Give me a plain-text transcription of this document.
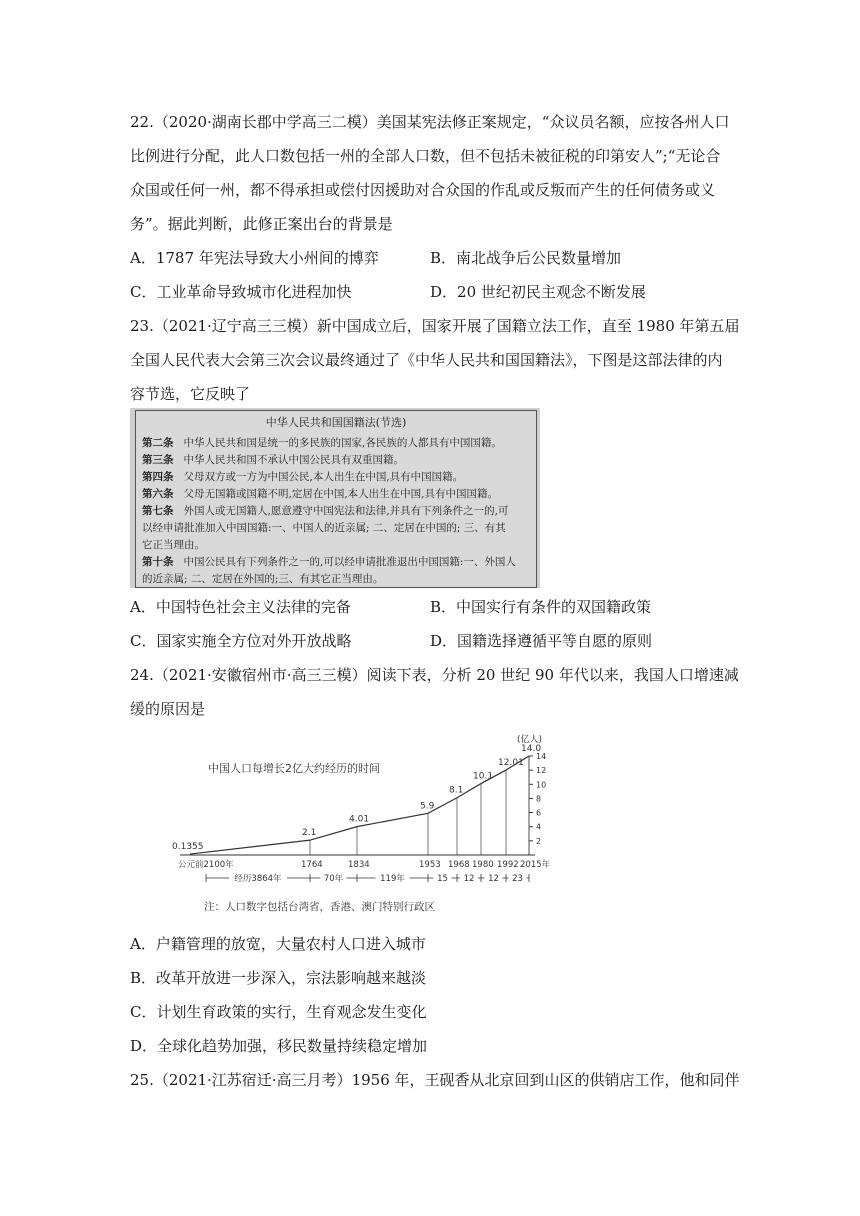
22.（2020·湖南长郡中学高三二模）美国某宪法修正案规定，“众议员名额，应按各州人口
比例进行分配，此人口数包括一州的全部人口数，但不包括未被征税的印第安人”;“无论合
众国或任何一州，都不得承担或偿付因援助对合众国的作乱或反叛而产生的任何债务或义
务”。据此判断，此修正案出台的背景是
A．1787 年宪法导致大小州间的博弈	B．南北战争后公民数量增加
C．工业革命导致城市化进程加快	D．20 世纪初民主观念不断发展
23.（2021·辽宁高三三模）新中国成立后，国家开展了国籍立法工作，直至 1980 年第五届
全国人民代表大会第三次会议最终通过了《中华人民共和国国籍法》，下图是这部法律的内
容节选，它反映了
中华人民共和国国籍法(节选)
第二条 中华人民共和国是统一的多民族的国家,各民族的人都具有中国国籍。
第三条 中华人民共和国不承认中国公民具有双重国籍。
第四条 父母双方或一方为中国公民,本人出生在中国,具有中国国籍。
第六条 父母无国籍或国籍不明,定居在中国,本人出生在中国,具有中国国籍。
第七条 外国人或无国籍人,愿意遵守中国宪法和法律,并具有下列条件之一的,可
以经申请批准加入中国国籍:一、中国人的近亲属; 二、定居在中国的; 三、有其
它正当理由。
第十条 中国公民具有下列条件之一的,可以经申请批准退出中国国籍:一、外国人
的近亲属; 二、定居在外国的;三、有其它正当理由。
A．中国特色社会主义法律的完备	B．中国实行有条件的双国籍政策
C．国家实施全方位对外开放战略	D．国籍选择遵循平等自愿的原则
24.（2021·安徽宿州市·高三三模）阅读下表，分析 20 世纪 90 年代以来，我国人口增速减
缓的原因是
中国人口每增长2亿大约经历的时间
(亿人)
14
12
10
8
6
4
2
0.1355
2.1
4.01
5.9
8.1
10.1
12.01
14.0
公元前2100年	1764	1834	1953 1968 1980 1992 2015年
经历3864年	70年	119年	15 12 12 23
注：人口数字包括台湾省，香港、澳门特别行政区
A．户籍管理的放宽，大量农村人口进入城市
B．改革开放进一步深入，宗法影响越来越淡
C．计划生育政策的实行，生育观念发生变化
D．全球化趋势加强，移民数量持续稳定增加
25.（2021·江苏宿迁·高三月考）1956 年，王砚香从北京回到山区的供销店工作，他和同伴
